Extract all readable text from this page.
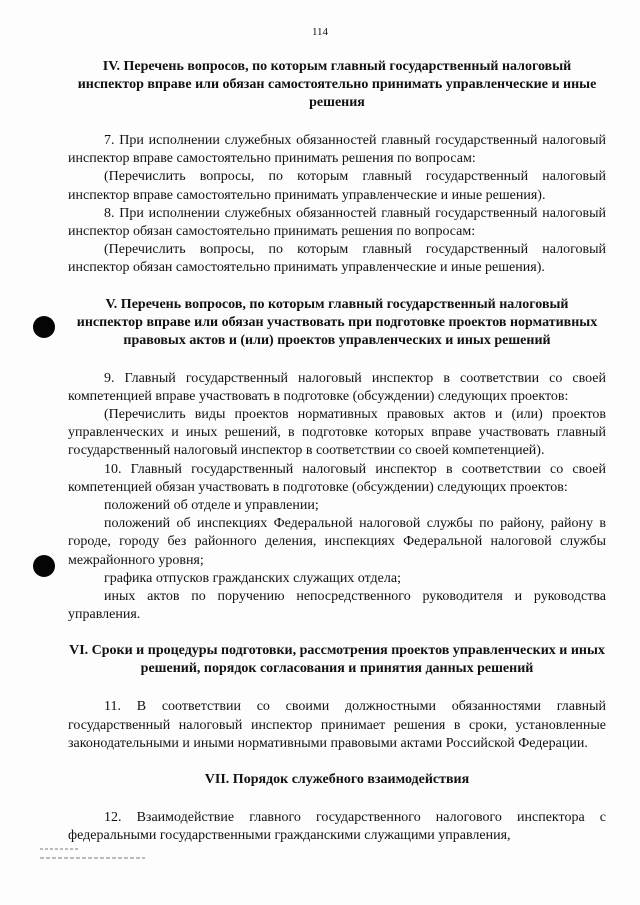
114
IV. Перечень вопросов, по которым главный государственный налоговый инспектор вправе или обязан самостоятельно принимать управленческие и иные решения

7. При исполнении служебных обязанностей главный государственный налоговый инспектор вправе самостоятельно принимать решения по вопросам:

(Перечислить вопросы, по которым главный государственный налоговый инспектор вправе самостоятельно принимать управленческие и иные решения).

8. При исполнении служебных обязанностей главный государственный налоговый инспектор обязан самостоятельно принимать решения по вопросам:

(Перечислить вопросы, по которым главный государственный налоговый инспектор обязан самостоятельно принимать управленческие и иные решения).

V. Перечень вопросов, по которым главный государственный налоговый инспектор вправе или обязан участвовать при подготовке проектов нормативных правовых актов и (или) проектов управленческих и иных решений

9. Главный государственный налоговый инспектор в соответствии со своей компетенцией вправе участвовать в подготовке (обсуждении) следующих проектов:

(Перечислить виды проектов нормативных правовых актов и (или) проектов управленческих и иных решений, в подготовке которых вправе участвовать главный государственный налоговый инспектор в соответствии со своей компетенцией).

10. Главный государственный налоговый инспектор в соответствии со своей компетенцией обязан участвовать в подготовке (обсуждении) следующих проектов:

положений об отделе и управлении;

положений об инспекциях Федеральной налоговой службы по району, району в городе, городу без районного деления, инспекциях Федеральной налоговой службы межрайонного уровня;

графика отпусков гражданских служащих отдела;

иных актов по поручению непосредственного руководителя и руководства управления.

VI. Сроки и процедуры подготовки, рассмотрения проектов управленческих и иных решений, порядок согласования и принятия данных решений

11. В соответствии со своими должностными обязанностями главный государственный налоговый инспектор принимает решения в сроки, установленные законодательными и иными нормативными правовыми актами Российской Федерации.

VII. Порядок служебного взаимодействия

12. Взаимодействие главного государственного налогового инспектора с федеральными государственными гражданскими служащими управления,
